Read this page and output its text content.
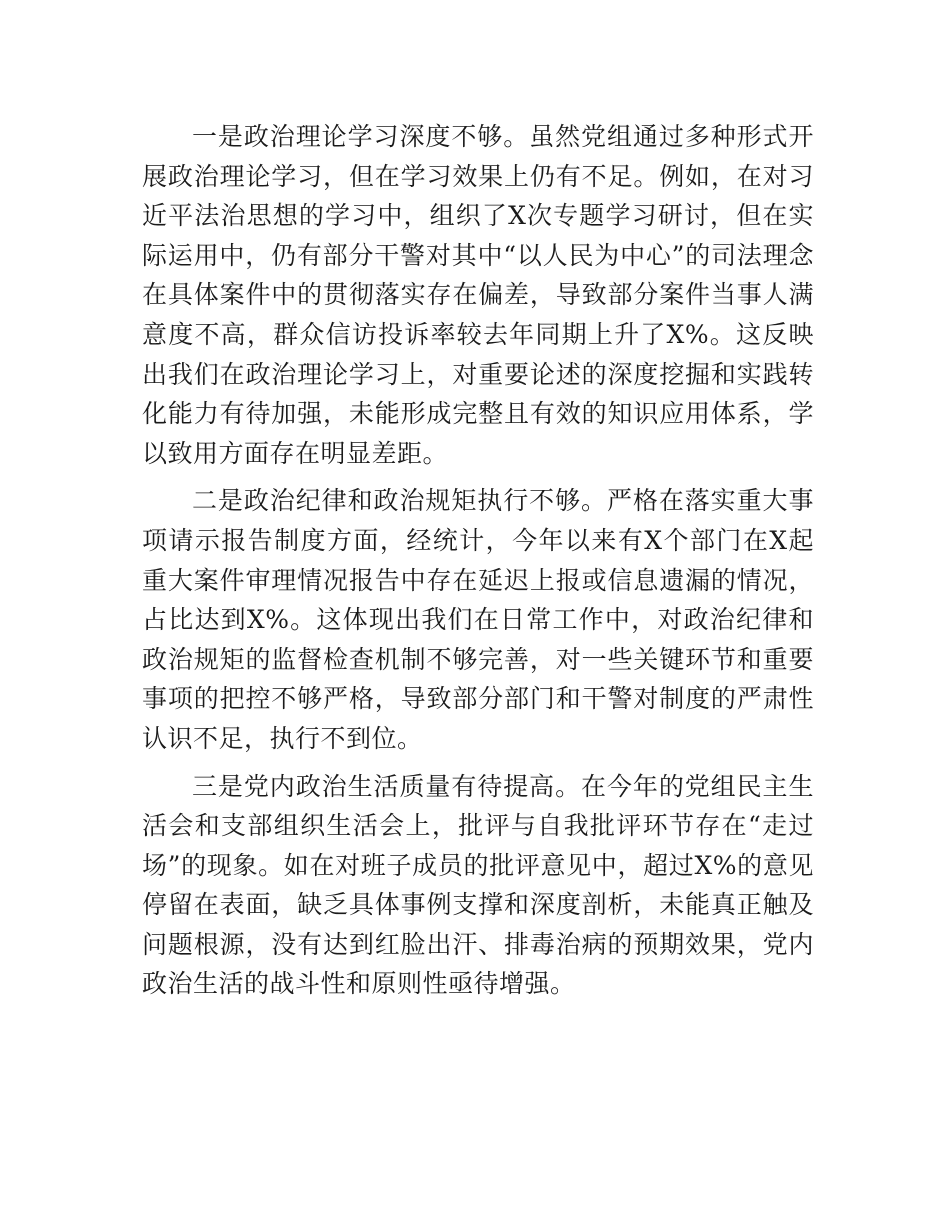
一是政治理论学习深度不够。虽然党组通过多种形式开展政治理论学习，但在学习效果上仍有不足。例如，在对习近平法治思想的学习中，组织了X次专题学习研讨，但在实际运用中，仍有部分干警对其中“以人民为中心”的司法理念在具体案件中的贯彻落实存在偏差，导致部分案件当事人满意度不高，群众信访投诉率较去年同期上升了X%。这反映出我们在政治理论学习上，对重要论述的深度挖掘和实践转化能力有待加强，未能形成完整且有效的知识应用体系，学以致用方面存在明显差距。

二是政治纪律和政治规矩执行不够。严格在落实重大事项请示报告制度方面，经统计，今年以来有X个部门在X起重大案件审理情况报告中存在延迟上报或信息遗漏的情况，占比达到X%。这体现出我们在日常工作中，对政治纪律和政治规矩的监督检查机制不够完善，对一些关键环节和重要事项的把控不够严格，导致部分部门和干警对制度的严肃性认识不足，执行不到位。

三是党内政治生活质量有待提高。在今年的党组民主生活会和支部组织生活会上，批评与自我批评环节存在“走过场”的现象。如在对班子成员的批评意见中，超过X%的意见停留在表面，缺乏具体事例支撑和深度剖析，未能真正触及问题根源，没有达到红脸出汗、排毒治病的预期效果，党内政治生活的战斗性和原则性亟待增强。
